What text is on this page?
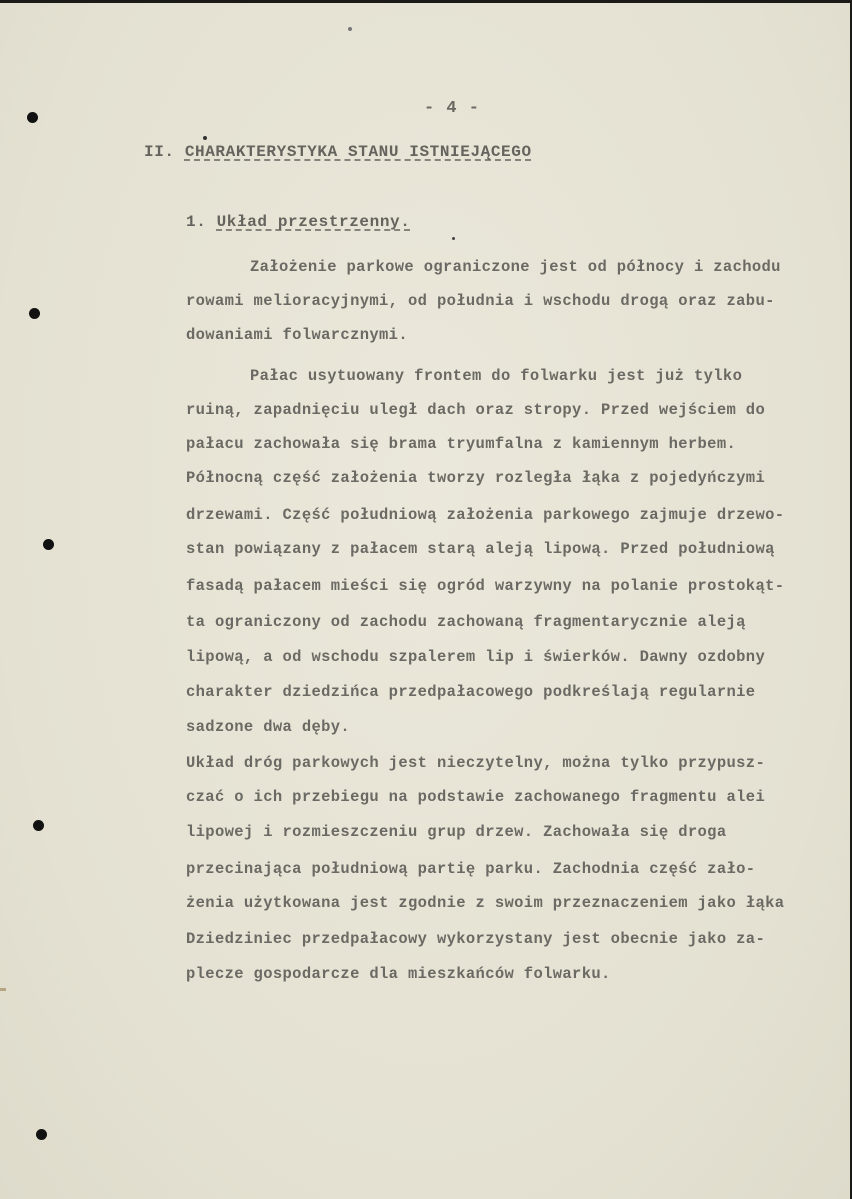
- 4 -
II. CHARAKTERYSTYKA STANU ISTNIEJĄCEGO
1. Układ przestrzenny.
Założenie parkowe ograniczone jest od północy i zachodu
rowami melioracyjnymi, od południa i wschodu drogą oraz zabu-
dowaniami folwarcznymi.
Pałac usytuowany frontem do folwarku jest już tylko
ruiną, zapadnięciu uległ dach oraz stropy. Przed wejściem do
pałacu zachowała się brama tryumfalna z kamiennym herbem.
Północną część założenia tworzy rozległa łąka z pojedyńczymi
drzewami. Część południową założenia parkowego zajmuje drzewo-
stan powiązany z pałacem starą aleją lipową. Przed południową
fasadą pałacem mieści się ogród warzywny na polanie prostokąt-
ta ograniczony od zachodu zachowaną fragmentarycznie aleją
lipową, a od wschodu szpalerem lip i świerków. Dawny ozdobny
charakter dziedzińca przedpałacowego podkreślają regularnie
sadzone dwa dęby.
Układ dróg parkowych jest nieczytelny, można tylko przypusz-
czać o ich przebiegu na podstawie zachowanego fragmentu alei
lipowej i rozmieszczeniu grup drzew. Zachowała się droga
przecinająca południową partię parku. Zachodnia część zało-
żenia użytkowana jest zgodnie z swoim przeznaczeniem jako łąka
Dziedziniec przedpałacowy wykorzystany jest obecnie jako za-
plecze gospodarcze dla mieszkańców folwarku.
